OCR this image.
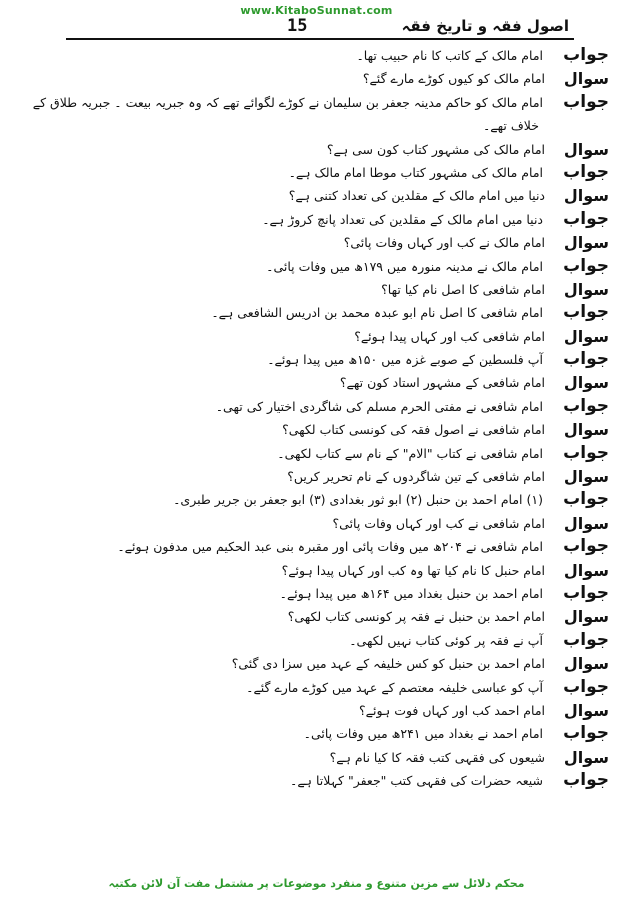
www.KitaboSunnat.com
15	اصول فقہ و تاریخ فقہ
جواب
امام مالک کے کاتب کا نام حبیب تھا۔
سوال
امام مالک کو کیوں کوڑے مارے گئے؟
جواب
امام مالک کو حاکم مدینہ جعفر بن سلیمان نے کوڑے لگوائے تھے کہ وہ جبریہ بیعت ۔ جبریہ طلاق کے
خلاف تھے۔
سوال
امام مالک کی مشہور کتاب کون سی ہے؟
جواب
امام مالک کی مشہور کتاب موطا امام مالک ہے۔
سوال
دنیا میں امام مالک کے مقلدین کی تعداد کتنی ہے؟
جواب
دنیا میں امام مالک کے مقلدین کی تعداد پانچ کروڑ ہے۔
سوال
امام مالک نے کب اور کہاں وفات پائی؟
جواب
امام مالک نے مدینہ منورہ میں ۱۷۹ھ میں وفات پائی۔
سوال
امام شافعی کا اصل نام کیا تھا؟
جواب
امام شافعی کا اصل نام ابو عبدہ محمد بن ادریس الشافعی ہے۔
سوال
امام شافعی کب اور کہاں پیدا ہوئے؟
جواب
آپ فلسطین کے صوبے غزہ میں ۱۵۰ھ میں پیدا ہوئے۔
سوال
امام شافعی کے مشہور استاد کون تھے؟
جواب
امام شافعی نے مفتی الحرم مسلم کی شاگردی اختیار کی تھی۔
سوال
امام شافعی نے اصول فقہ کی کونسی کتاب لکھی؟
جواب
امام شافعی نے کتاب "الام" کے نام سے کتاب لکھی۔
سوال
امام شافعی کے تین شاگردوں کے نام تحریر کریں؟
جواب
(۱) امام احمد بن حنبل (۲) ابو ثور بغدادی (۳) ابو جعفر بن جریر طبری۔
سوال
امام شافعی نے کب اور کہاں وفات پائی؟
جواب
امام شافعی نے ۲۰۴ھ میں وفات پائی اور مقبرہ بنی عبد الحکیم میں مدفون ہوئے۔
سوال
امام حنبل کا نام کیا تھا وہ کب اور کہاں پیدا ہوئے؟
جواب
امام احمد بن حنبل بغداد میں ۱۶۴ھ میں پیدا ہوئے۔
سوال
امام احمد بن حنبل نے فقہ پر کونسی کتاب لکھی؟
جواب
آپ نے فقہ پر کوئی کتاب نہیں لکھی۔
سوال
امام احمد بن حنبل کو کس خلیفہ کے عہد میں سزا دی گئی؟
جواب
آپ کو عباسی خلیفہ معتصم کے عہد میں کوڑے مارے گئے۔
سوال
امام احمد کب اور کہاں فوت ہوئے؟
جواب
امام احمد نے بغداد میں ۲۴۱ھ میں وفات پائی۔
سوال
شیعوں کی فقہی کتب فقہ کا کیا نام ہے؟
جواب
شیعہ حضرات کی فقہی کتب "جعفر" کہلاتا ہے۔
محکم دلائل سے مزین متنوع و منفرد موضوعات پر مشتمل مفت آن لائن مکتبہ
